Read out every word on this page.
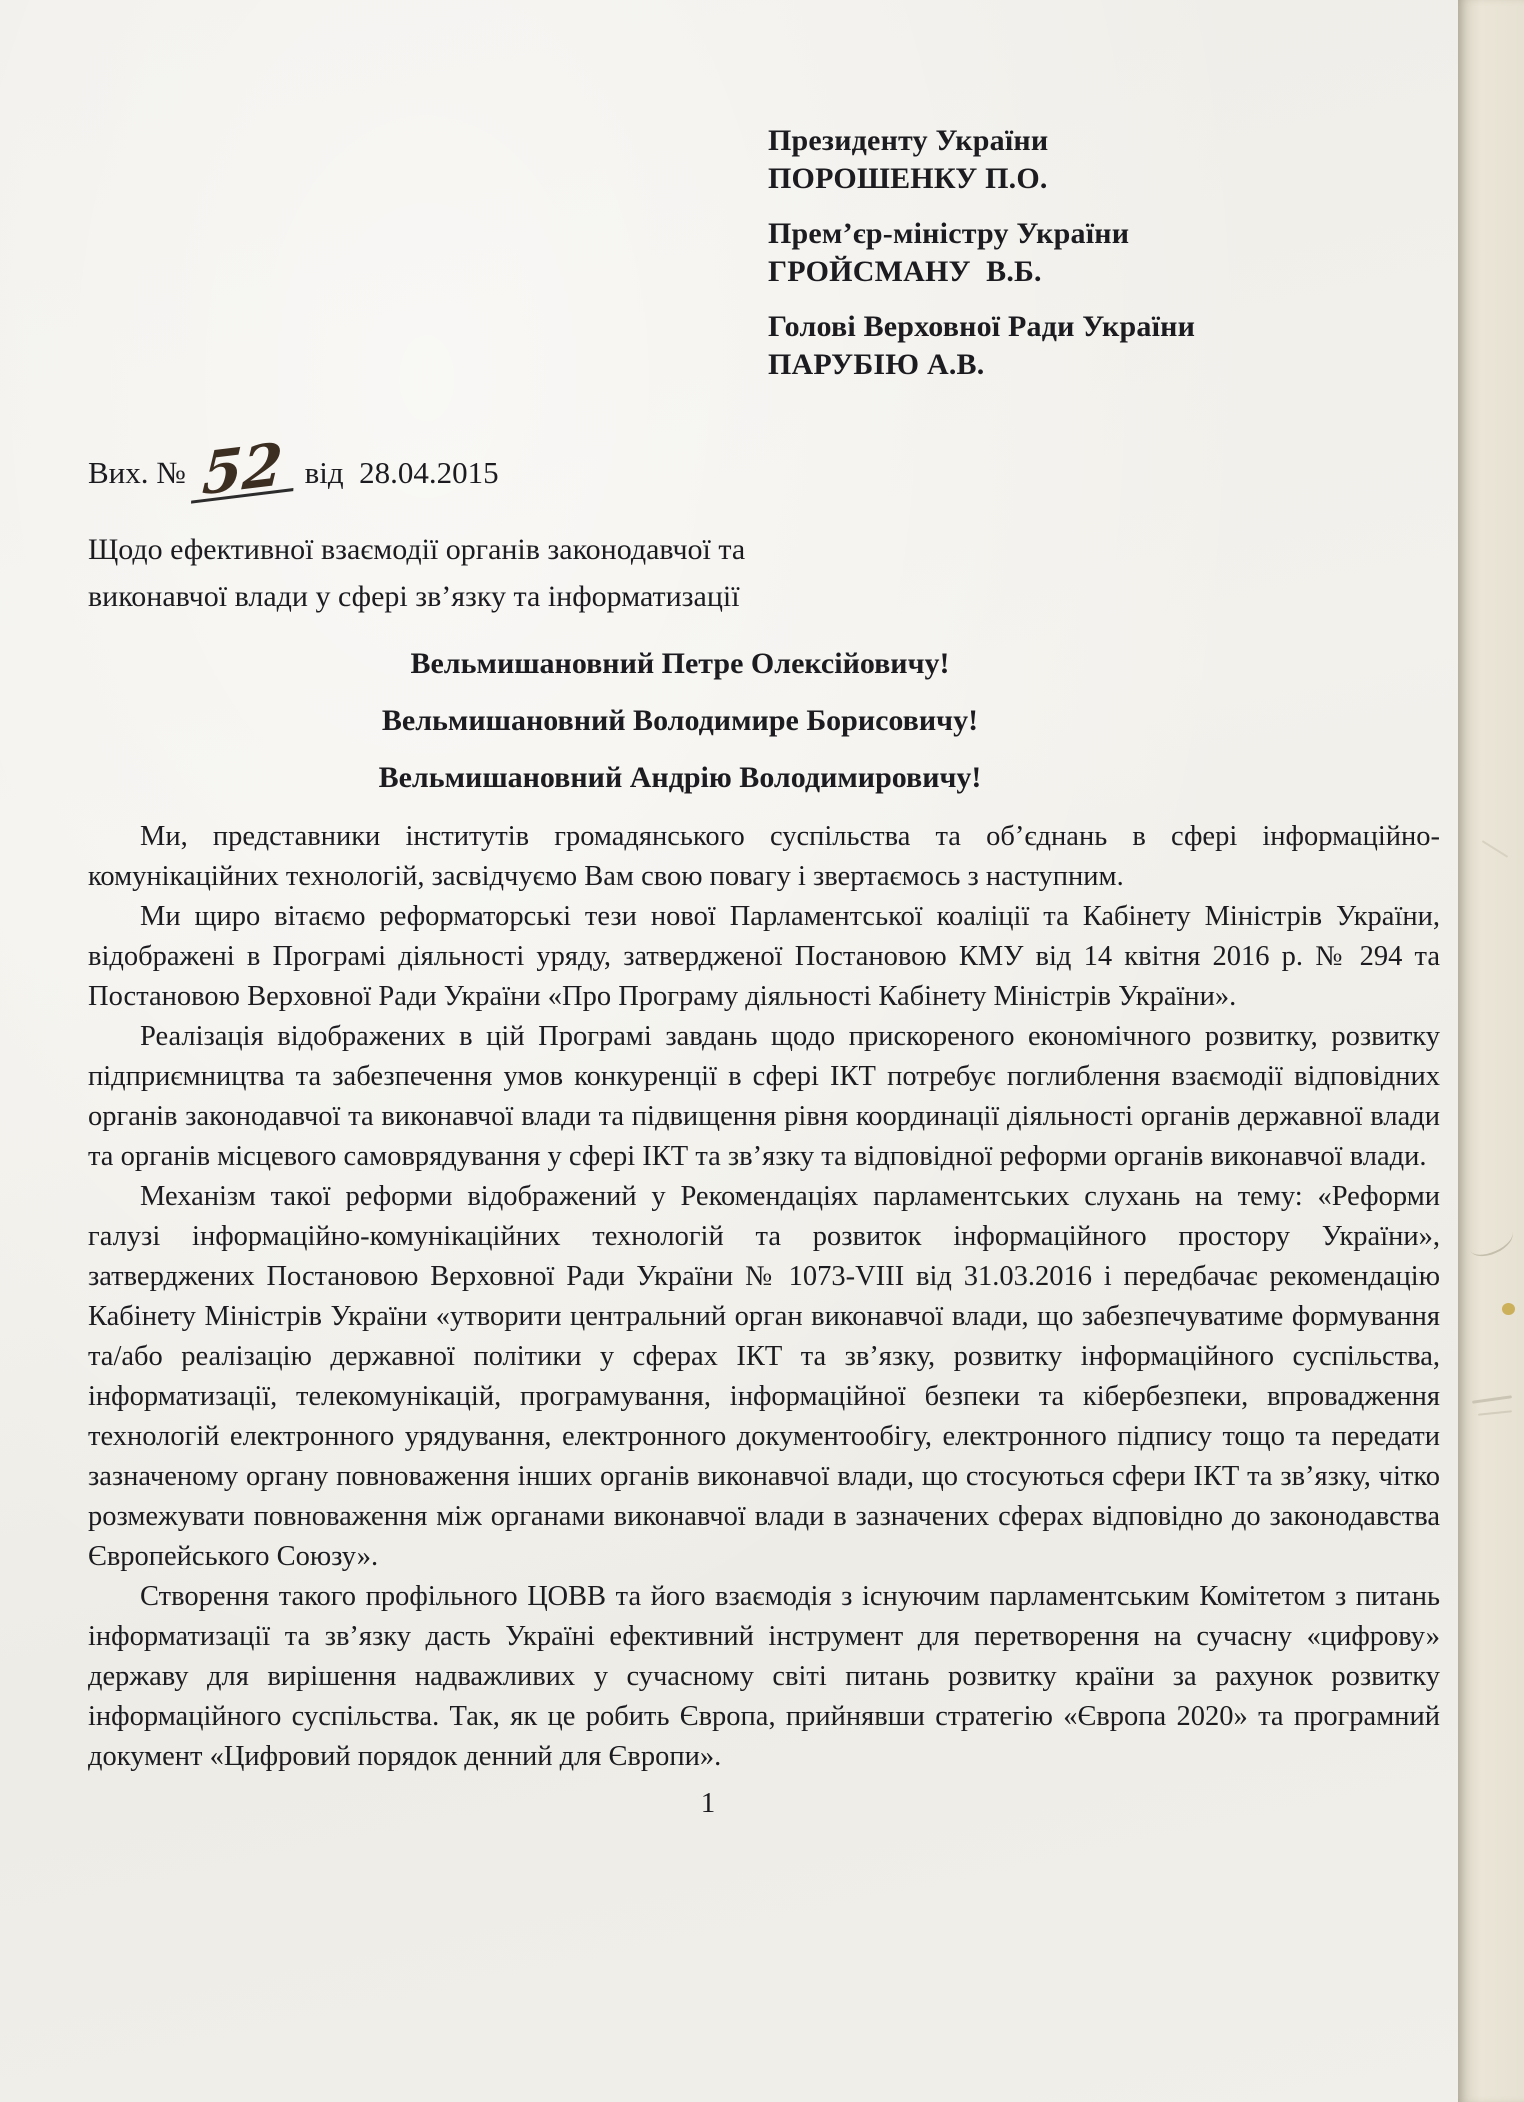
Президенту України
ПОРОШЕНКУ П.О.
Прем’єр-міністру України
ГРОЙСМАНУ  В.Б.
Голові Верховної Ради України
ПАРУБІЮ А.В.
Вих. № 52 від  28.04.2015
Щодо ефективної взаємодії органів законодавчої та
виконавчої влади у сфері зв’язку та інформатизації
Вельмишановний Петре Олексійовичу!
Вельмишановний Володимире Борисовичу!
Вельмишановний Андрію Володимировичу!

Ми, представники інститутів громадянського суспільства та об’єднань в сфері інформаційно-комунікаційних технологій, засвідчуємо Вам свою повагу і звертаємось з наступним.

Ми щиро вітаємо реформаторські тези нової Парламентської коаліції та Кабінету Міністрів України, відображені в Програмі діяльності уряду, затвердженої Постановою КМУ від 14 квітня 2016 р. № 294 та Постановою Верховної Ради України «Про Програму діяльності Кабінету Міністрів України».

Реалізація відображених в цій Програмі завдань щодо прискореного економічного розвитку, розвитку підприємництва та забезпечення умов конкуренції в сфері ІКТ потребує поглиблення взаємодії відповідних органів законодавчої та виконавчої влади та підвищення рівня координації діяльності органів державної влади та органів місцевого самоврядування у сфері ІКТ та зв’язку та відповідної реформи органів виконавчої влади.

Механізм такої реформи відображений у Рекомендаціях парламентських слухань на тему: «Реформи галузі інформаційно-комунікаційних технологій та розвиток інформаційного простору України», затверджених Постановою Верховної Ради України № 1073-VIII від 31.03.2016 і передбачає рекомендацію Кабінету Міністрів України «утворити центральний орган виконавчої влади, що забезпечуватиме формування та/або реалізацію державної політики у сферах ІКТ та зв’язку, розвитку інформаційного суспільства, інформатизації, телекомунікацій, програмування, інформаційної безпеки та кібербезпеки, впровадження технологій електронного урядування, електронного документообігу, електронного підпису тощо та передати зазначеному органу повноваження інших органів виконавчої влади, що стосуються сфери ІКТ та зв’язку, чітко розмежувати повноваження між органами виконавчої влади в зазначених сферах відповідно до законодавства Європейського Союзу».

Створення такого профільного ЦОВВ та його взаємодія з існуючим парламентським Комітетом з питань інформатизації та зв’язку дасть Україні ефективний інструмент для перетворення на сучасну «цифрову» державу для вирішення надважливих у сучасному світі питань розвитку країни за рахунок розвитку інформаційного суспільства. Так, як це робить Європа, прийнявши стратегію «Європа 2020» та програмний документ «Цифровий порядок денний для Європи».

1
